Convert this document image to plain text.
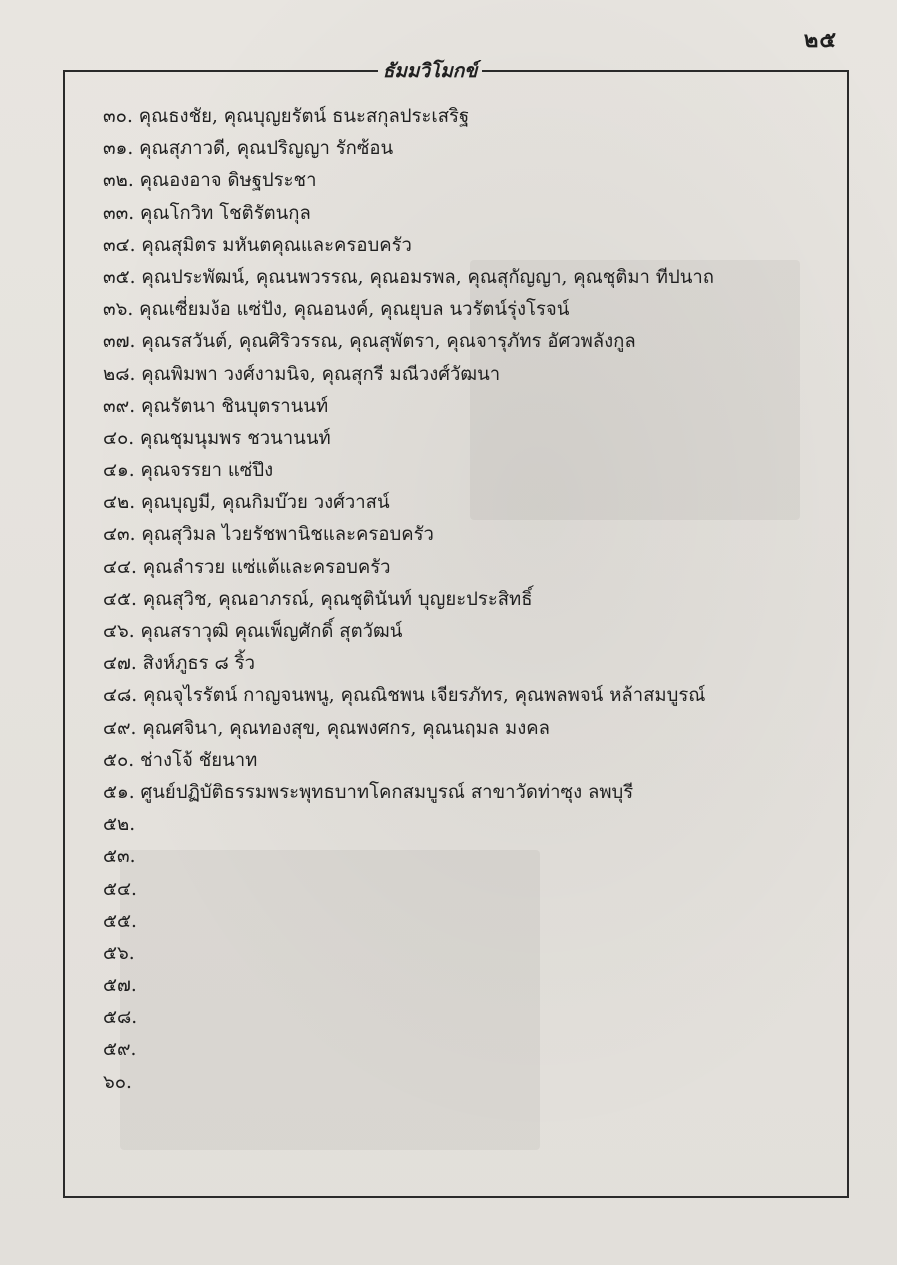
๒๕
ธัมมวิโมกข์
๓๐. คุณธงชัย, คุณบุญยรัตน์ ธนะสกุลประเสริฐ
๓๑. คุณสุภาวดี, คุณปริญญา รักซ้อน
๓๒. คุณองอาจ ดิษฐประชา
๓๓. คุณโกวิท โชติรัตนกุล
๓๔. คุณสุมิตร มหันตคุณและครอบครัว
๓๕. คุณประพัฒน์, คุณนพวรรณ, คุณอมรพล, คุณสุกัญญา, คุณชุติมา ทีปนาถ
๓๖. คุณเซี่ยมง้อ แซ่ปัง, คุณอนงค์, คุณยุบล นวรัตน์รุ่งโรจน์
๓๗. คุณรสวันต์, คุณศิริวรรณ, คุณสุพัตรา, คุณจารุภัทร อัศวพลังกูล
๒๘. คุณพิมพา วงศ์งามนิจ, คุณสุกรี มณีวงศ์วัฒนา
๓๙. คุณรัตนา ชินบุตรานนท์
๔๐. คุณชุมนุมพร ชวนานนท์
๔๑. คุณจรรยา แซ่ปึง
๔๒. คุณบุญมี, คุณกิมบ๊วย วงศ์วาสน์
๔๓. คุณสุวิมล ไวยรัชพานิชและครอบครัว
๔๔. คุณลำรวย แซ่แต้และครอบครัว
๔๕. คุณสุวิช, คุณอาภรณ์, คุณชุตินันท์ บุญยะประสิทธิ์
๔๖. คุณสราวุฒิ คุณเพ็ญศักดิ์ สุตวัฒน์
๔๗. สิงห์ภูธร ๘ ริ้ว
๔๘. คุณจุไรรัตน์ กาญจนพนู, คุณณิชพน เจียรภัทร, คุณพลพจน์ หล้าสมบูรณ์
๔๙. คุณศจินา, คุณทองสุข, คุณพงศกร, คุณนฤมล มงคล
๕๐. ช่างโจ้ ชัยนาท
๕๑. ศูนย์ปฏิบัติธรรมพระพุทธบาทโคกสมบูรณ์ สาขาวัดท่าซุง ลพบุรี
๕๒.
๕๓.
๕๔.
๕๕.
๕๖.
๕๗.
๕๘.
๕๙.
๖๐.
